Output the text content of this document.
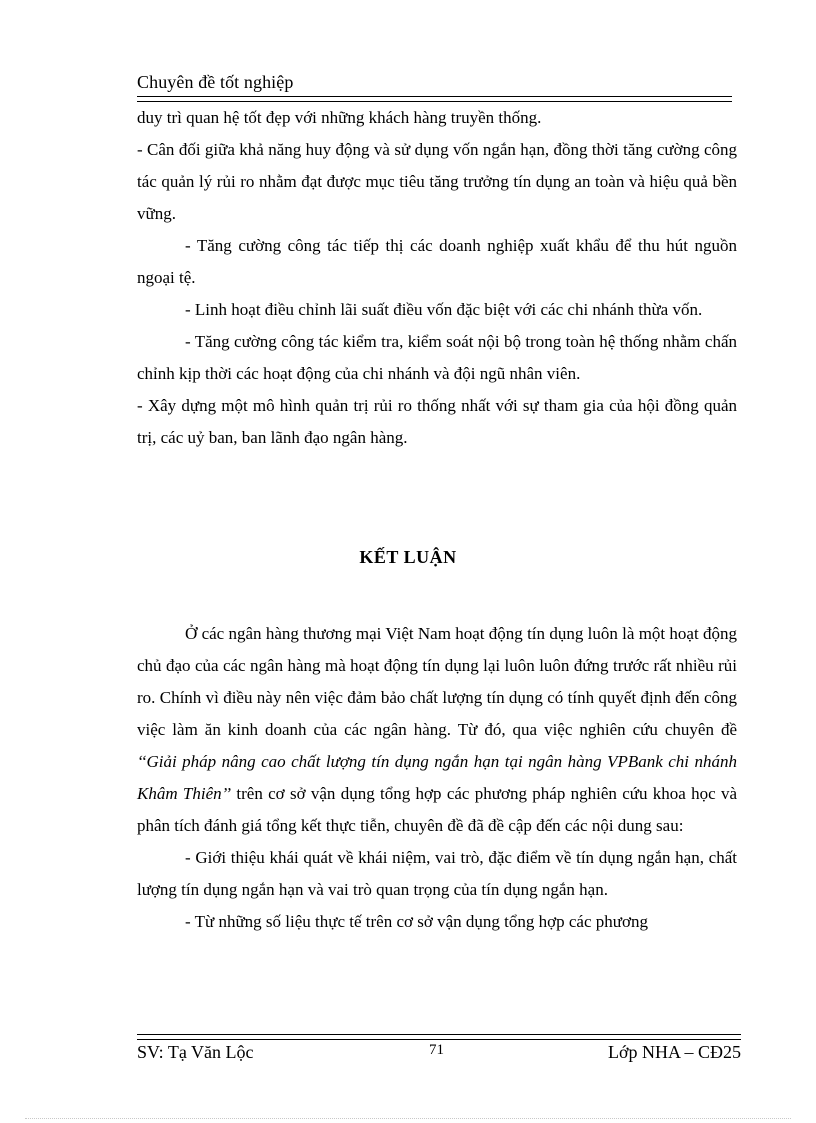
Chuyên đề tốt nghiệp

duy trì quan hệ tốt đẹp với những khách hàng truyền thống.

- Cân đối giữa khả năng huy động và sử dụng vốn ngắn hạn, đồng thời tăng cường công tác quản lý rủi ro nhằm đạt được mục tiêu tăng trưởng tín dụng an toàn và hiệu quả bền vững.

- Tăng cường công tác tiếp thị các doanh nghiệp xuất khẩu để thu hút nguồn ngoại tệ.

- Linh hoạt điều chỉnh lãi suất điều vốn đặc biệt với các chi nhánh thừa vốn.

- Tăng cường công tác kiểm tra, kiểm soát nội bộ trong toàn hệ thống nhằm chấn chỉnh kịp thời các hoạt động của chi nhánh và đội ngũ nhân viên.

- Xây dựng một mô hình quản trị rủi ro thống nhất với sự tham gia của hội đồng quản trị, các uỷ ban, ban lãnh đạo ngân hàng.

KẾT LUẬN

Ở các ngân hàng thương mại Việt Nam hoạt động tín dụng luôn là một hoạt động chủ đạo của các ngân hàng mà hoạt động tín dụng lại luôn luôn đứng trước rất nhiều rủi ro. Chính vì điều này nên việc đảm bảo chất lượng tín dụng có tính quyết định đến công việc làm ăn kinh doanh của các ngân hàng. Từ đó, qua việc nghiên cứu chuyên đề ‘‘Giải pháp nâng cao chất lượng tín dụng ngắn hạn tại ngân hàng VPBank chi nhánh Khâm Thiên’’ trên cơ sở vận dụng tổng hợp các phương pháp nghiên cứu khoa học và phân tích đánh giá tổng kết thực tiễn, chuyên đề đã đề cập đến các nội dung sau:

- Giới thiệu khái quát về khái niệm, vai trò, đặc điểm về tín dụng ngắn hạn, chất lượng tín dụng ngắn hạn và vai trò quan trọng của tín dụng ngắn hạn.

- Từ những số liệu thực tế trên cơ sở vận dụng tổng hợp các phương

SV: Tạ Văn Lộc	71	Lớp NHA – CĐ25
